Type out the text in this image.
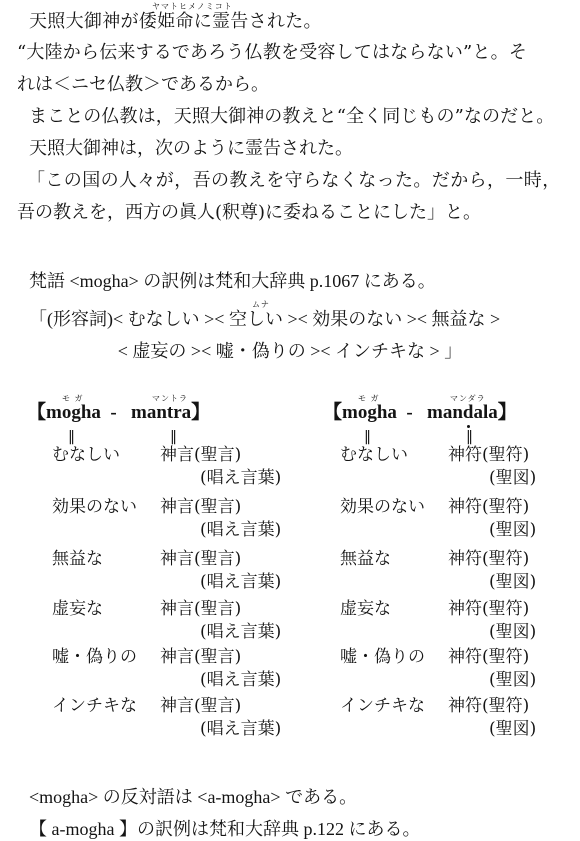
ヤマトヒメノミコト
天照大御神が倭姫命に霊告された。
“大陸から伝来するであろう仏教を受容してはならない”と。そ
れは＜ニセ仏教＞であるから。
まことの仏教は，天照大御神の教えと“全く同じもの”なのだと。
天照大御神は，次のように霊告された。
「この国の人々が，吾の教えを守らなくなった。だから，一時，
吾の教えを，西方の眞人(釈尊)に委ねることにした」と。
梵語 <mogha> の訳例は梵和大辞典 p.1067 にある。
ムナ
「(形容詞)< むなしい >< 空しい >< 効果のない >< 無益な >
< 虚妄の >< 嘘・偽りの >< インチキな > 」
モ ガ	マントラ
【mogha - mantra】
‖	‖
むなしい 神言(聖言)
(唱え言葉)
効果のない 神言(聖言)
(唱え言葉)
無益な	神言(聖言)
(唱え言葉)
虚妄な	神言(聖言)
(唱え言葉)
嘘・偽りの 神言(聖言)
(唱え言葉)
インチキな 神言(聖言)
(唱え言葉)
モ ガ	マンダラ
【mogha - mandala】
‖	‖
むなしい 神符(聖符)
(聖図)
効果のない 神符(聖符)
(聖図)
無益な	神符(聖符)
(聖図)
虚妄な	神符(聖符)
(聖図)
嘘・偽りの 神符(聖符)
(聖図)
インチキな 神符(聖符)
(聖図)
<mogha> の反対語は <a-mogha> である。
【 a-mogha 】の訳例は梵和大辞典 p.122 にある。
